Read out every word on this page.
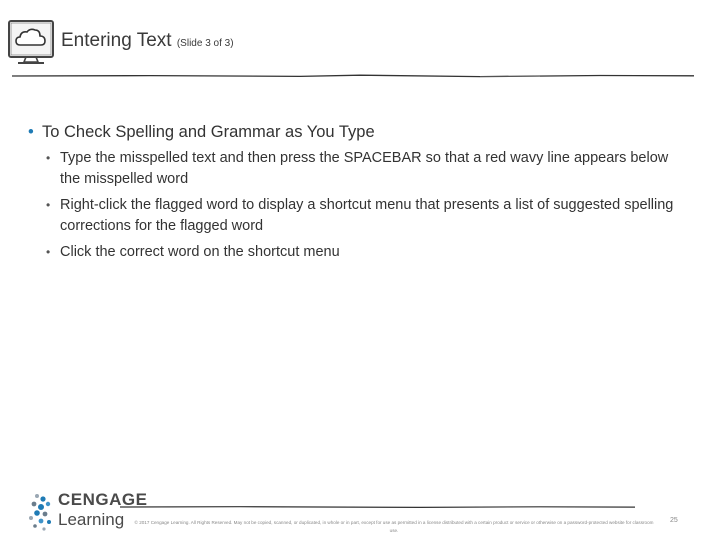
Entering Text (Slide 3 of 3)
• To Check Spelling and Grammar as You Type
• Type the misspelled text and then press the SPACEBAR so that a red wavy line appears below the misspelled word
• Right-click the flagged word to display a shortcut menu that presents a list of suggested spelling corrections for the flagged word
• Click the correct word on the shortcut menu
CENGAGE
Learning	© 2017 Cengage Learning. All Rights Reserved. May not be copied, scanned, or duplicated, in whole or in part, except for use as permitted in a license distributed with a certain product or service or otherwise on a password-protected website for classroom use.
25
